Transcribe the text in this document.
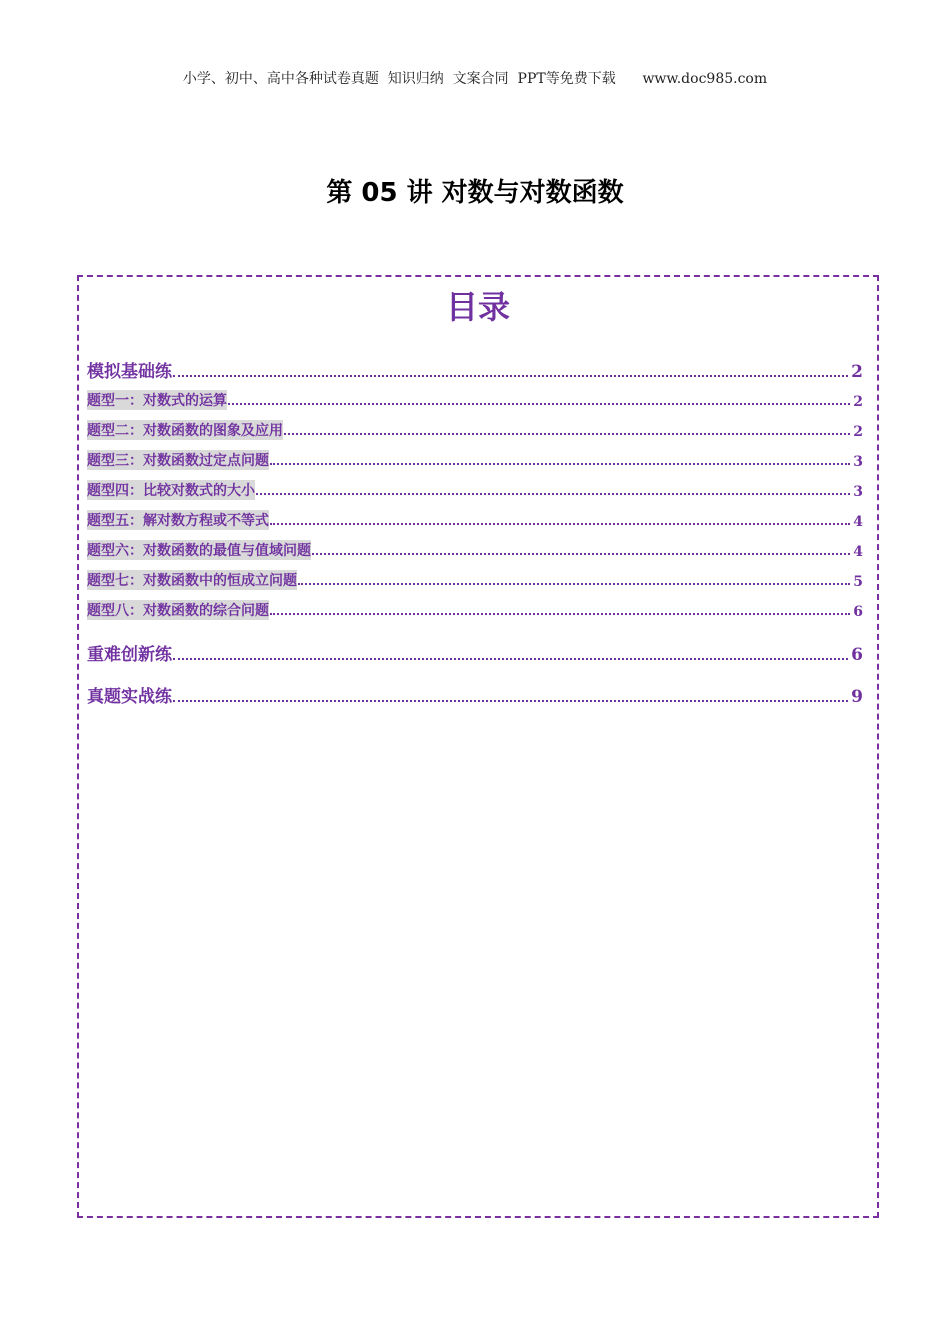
小学、初中、高中各种试卷真题  知识归纳  文案合同  PPT等免费下载      www.doc985.com
第 05 讲 对数与对数函数
目录
模拟基础练	2
题型一：对数式的运算	2
题型二：对数函数的图象及应用	2
题型三：对数函数过定点问题	3
题型四：比较对数式的大小	3
题型五：解对数方程或不等式	4
题型六：对数函数的最值与值域问题	4
题型七：对数函数中的恒成立问题	5
题型八：对数函数的综合问题	6
重难创新练	6
真题实战练	9
